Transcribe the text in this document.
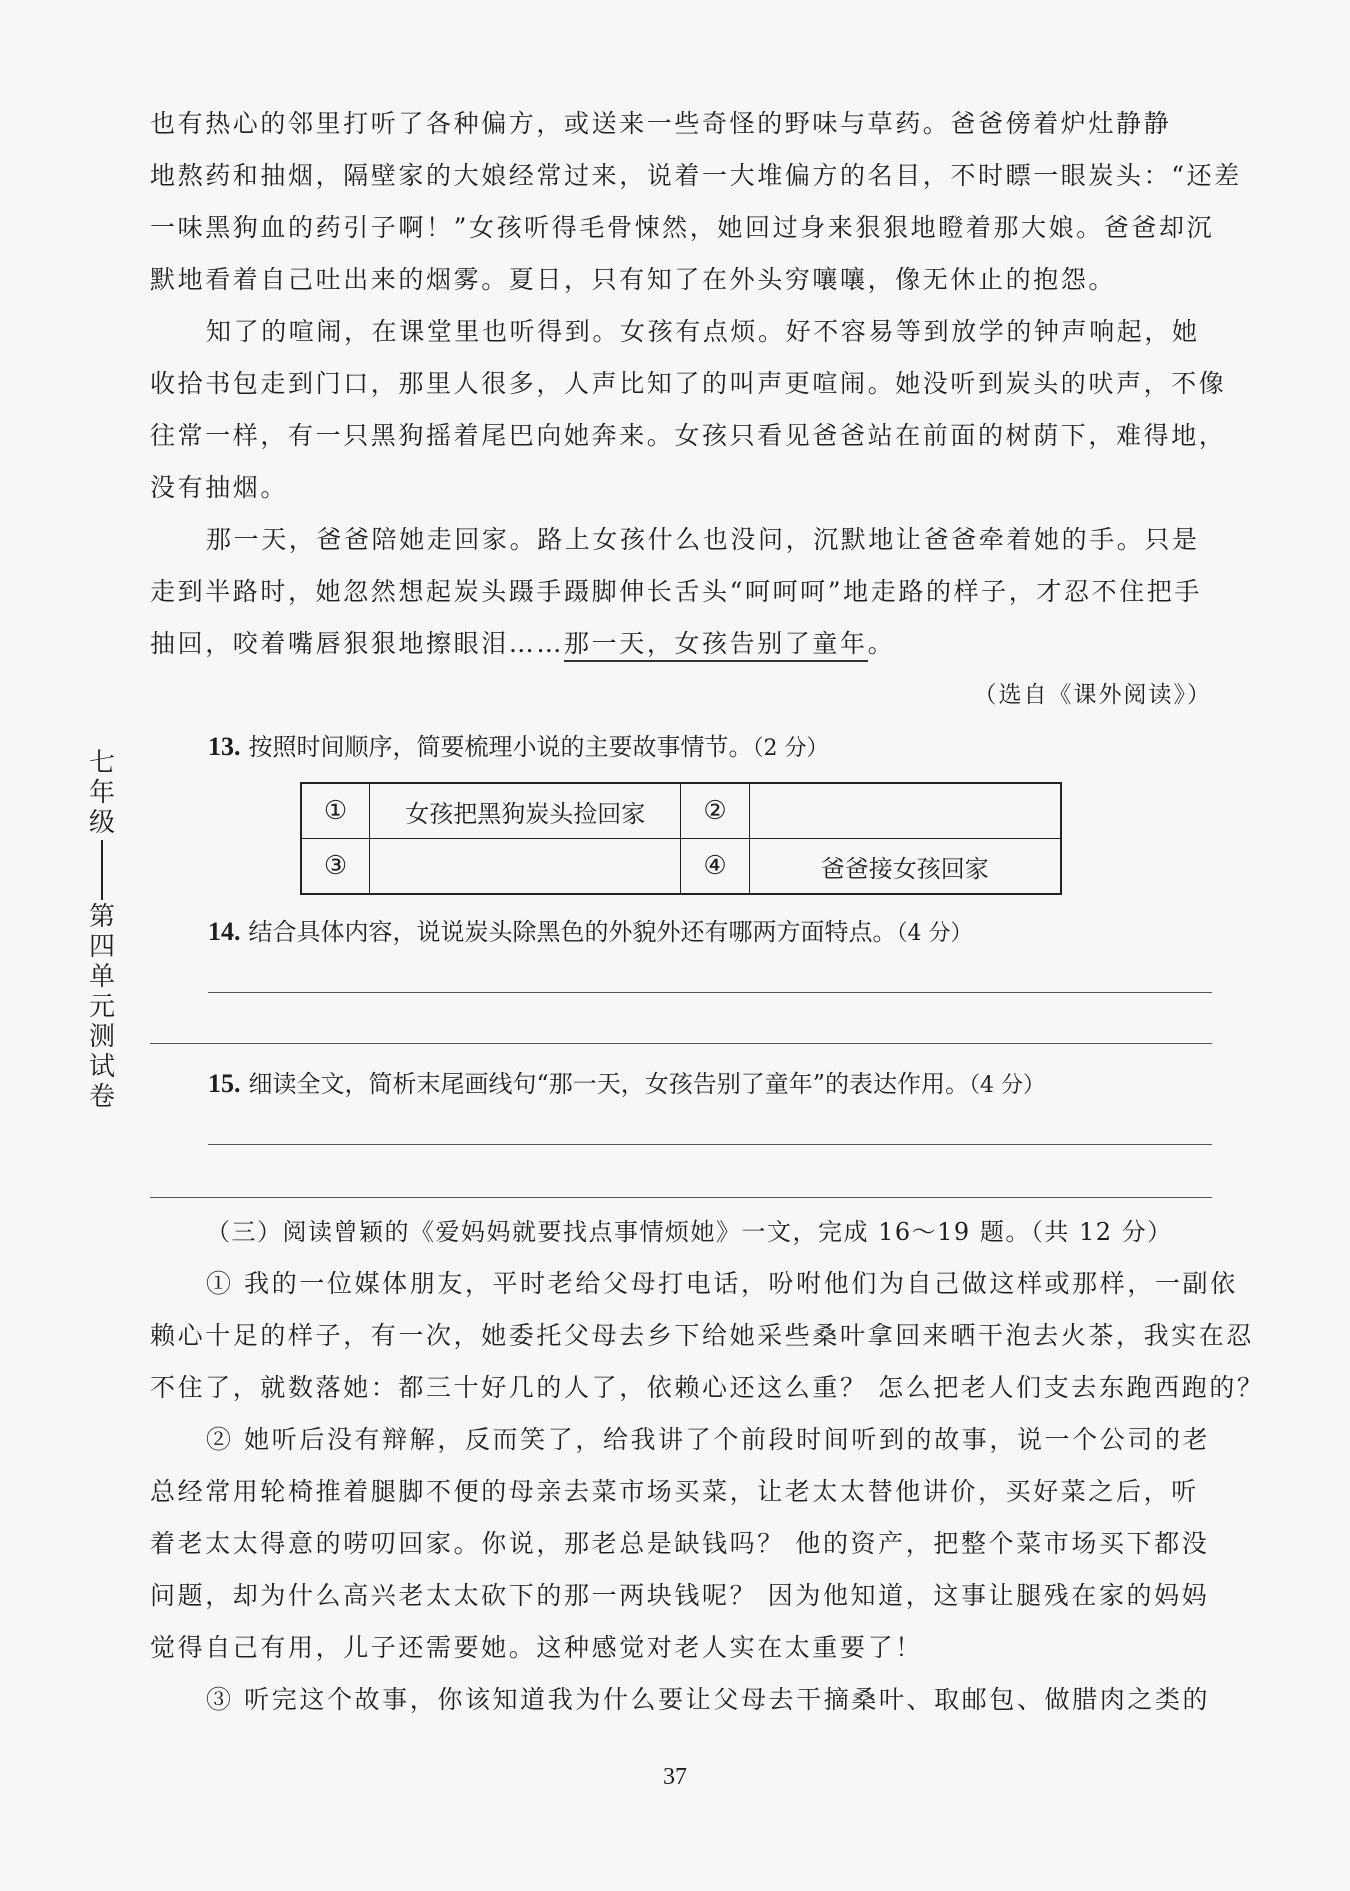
也有热心的邻里打听了各种偏方，或送来一些奇怪的野味与草药。爸爸傍着炉灶静静
地熬药和抽烟，隔壁家的大娘经常过来，说着一大堆偏方的名目，不时瞟一眼炭头：“还差
一味黑狗血的药引子啊！”女孩听得毛骨悚然，她回过身来狠狠地瞪着那大娘。爸爸却沉
默地看着自己吐出来的烟雾。夏日，只有知了在外头穷嚷嚷，像无休止的抱怨。
知了的喧闹，在课堂里也听得到。女孩有点烦。好不容易等到放学的钟声响起，她
收拾书包走到门口，那里人很多，人声比知了的叫声更喧闹。她没听到炭头的吠声，不像
往常一样，有一只黑狗摇着尾巴向她奔来。女孩只看见爸爸站在前面的树荫下，难得地，
没有抽烟。
那一天，爸爸陪她走回家。路上女孩什么也没问，沉默地让爸爸牵着她的手。只是
走到半路时，她忽然想起炭头蹑手蹑脚伸长舌头“呵呵呵”地走路的样子，才忍不住把手
抽回，咬着嘴唇狠狠地擦眼泪……那一天，女孩告别了童年。
（选自《课外阅读》）
13. 按照时间顺序，简要梳理小说的主要故事情节。（2 分）
①	女孩把黑狗炭头捡回家	②	
③		④	爸爸接女孩回家
14. 结合具体内容，说说炭头除黑色的外貌外还有哪两方面特点。（4 分）
15. 细读全文，简析末尾画线句“那一天，女孩告别了童年”的表达作用。（4 分）
（三）阅读曾颖的《爱妈妈就要找点事情烦她》一文，完成 16～19 题。（共 12 分）
① 我的一位媒体朋友，平时老给父母打电话，吩咐他们为自己做这样或那样，一副依
赖心十足的样子，有一次，她委托父母去乡下给她采些桑叶拿回来晒干泡去火茶，我实在忍
不住了，就数落她：都三十好几的人了，依赖心还这么重？ 怎么把老人们支去东跑西跑的？
② 她听后没有辩解，反而笑了，给我讲了个前段时间听到的故事，说一个公司的老
总经常用轮椅推着腿脚不便的母亲去菜市场买菜，让老太太替他讲价，买好菜之后，听
着老太太得意的唠叨回家。你说，那老总是缺钱吗？ 他的资产，把整个菜市场买下都没
问题，却为什么高兴老太太砍下的那一两块钱呢？ 因为他知道，这事让腿残在家的妈妈
觉得自己有用，儿子还需要她。这种感觉对老人实在太重要了！
③ 听完这个故事，你该知道我为什么要让父母去干摘桑叶、取邮包、做腊肉之类的
七
年
级
第
四
单
元
测
试
卷
37
